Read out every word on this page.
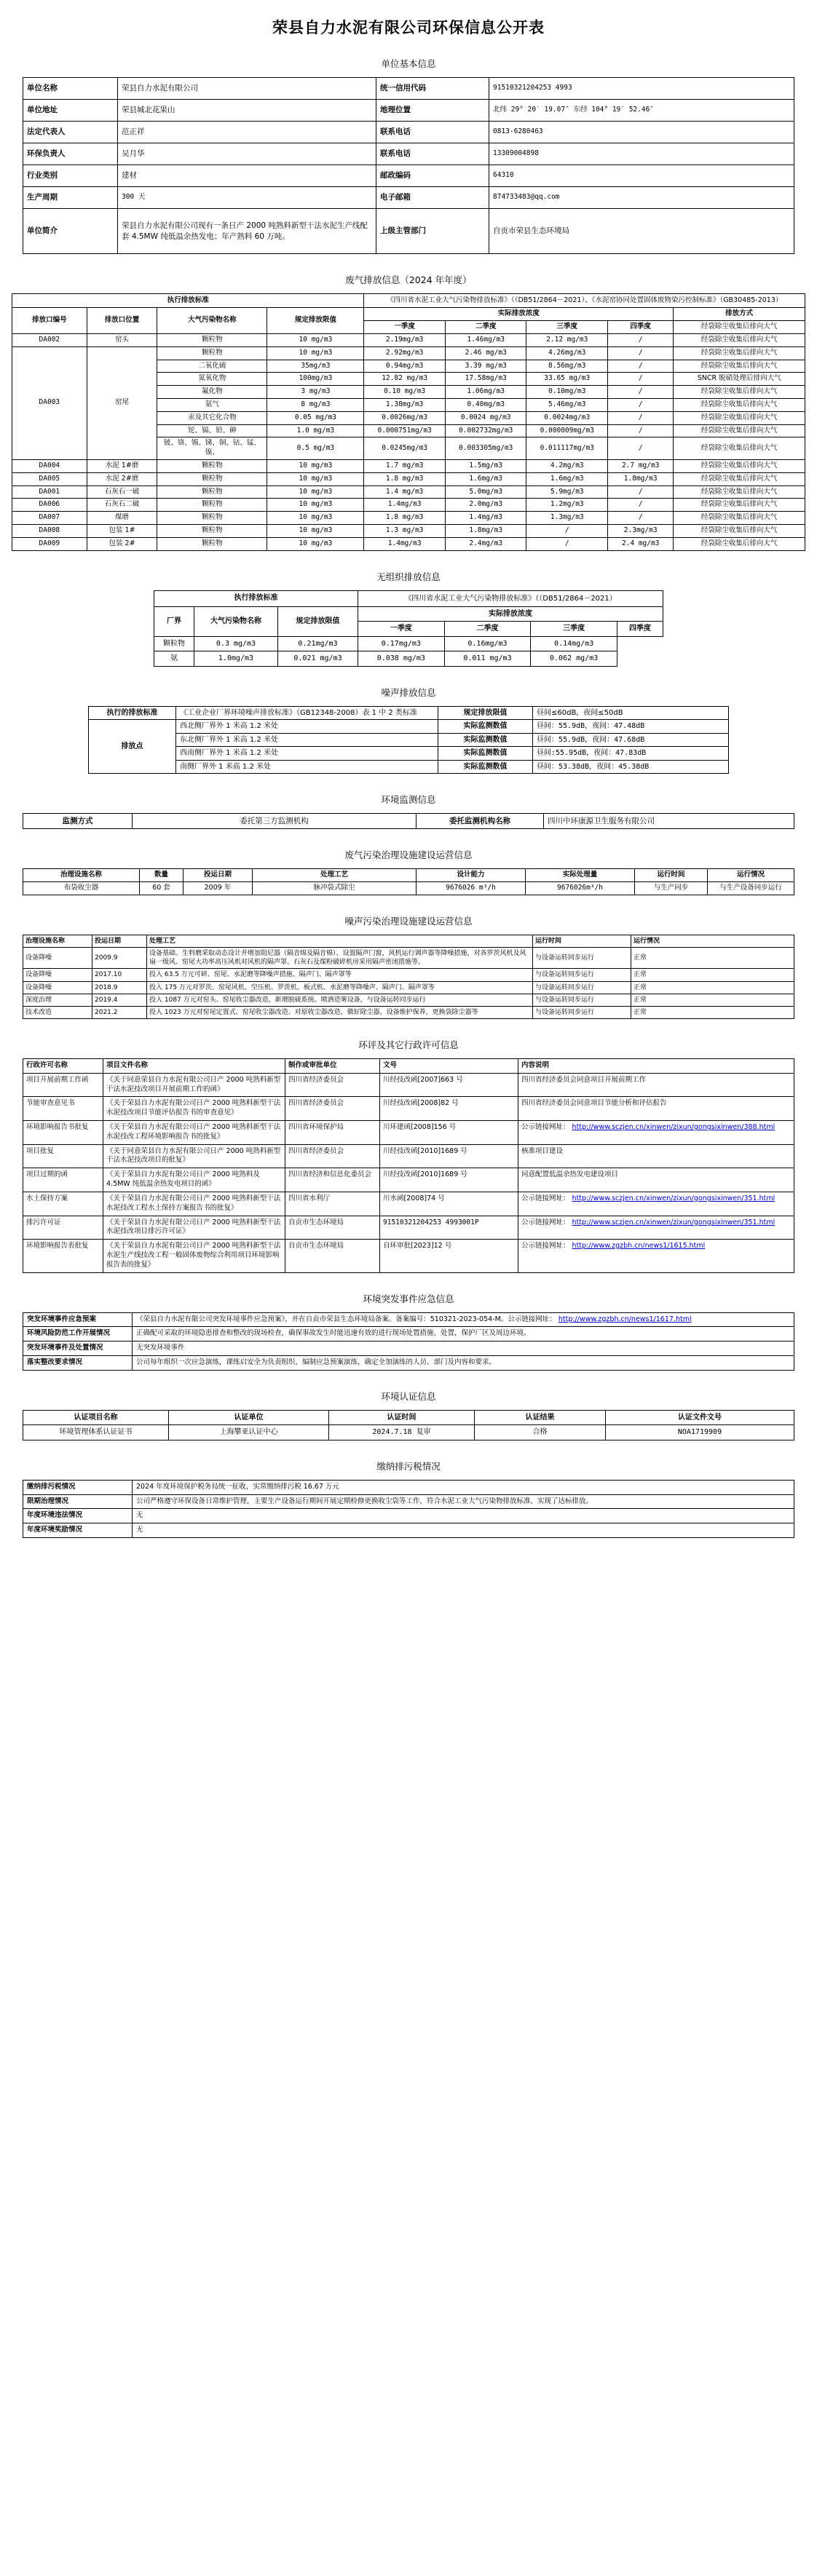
荣县自力水泥有限公司环保信息公开表
单位基本信息
单位名称	荣县自力水泥有限公司	统一信用代码	91510321204253 4993
单位地址	荣县城北花果山	地理位置	北纬 29° 20′ 19.07″ 东经 104° 19′ 52.46″
法定代表人	范正祥	联系电话	0813-6280463
环保负责人	吴月华	联系电话	13309004898
行业类别	建材	邮政编码	64310
生产周期	300 天	电子邮箱	874733483@qq.com
单位简介	荣县自力水泥有限公司现有一条日产 2000 吨熟料新型干法水泥生产线配套 4.5MW 纯低温余热发电；年产熟料 60 万吨。	上级主管部门	自贡市荣县生态环境局
废气排放信息（2024 年年度）
执行排放标准				《四川省水泥工业大气污染物排放标准》（（DB51/2864－2021）、《水泥窑协同处置固体废物染污控制标准》（GB30485-2013）				
排放口编号	排放口位置	大气污染物名称	规定排放限值	实际排放浓度				排放方式
				一季度	二季度	三季度	四季度	经袋除尘收集后排向大气
DA002	窑头	颗粒物	10 mg/m3	2.19mg/m3	1.46mg/m3	2.12 mg/m3	/	经袋除尘收集后排向大气
DA003	窑尾	颗粒物	10 mg/m3	2.92mg/m3	2.46 mg/m3	4.26mg/m3	/	经袋除尘收集后排向大气
		二氧化硫	35mg/m3	0.94mg/m3	3.39 mg/m3	8.56mg/m3	/	经袋除尘收集后排向大气
		氮氧化物	100mg/m3	12.82 mg/m3	17.58mg/m3	33.65 mg/m3	/	SNCR 脱硝处理后排向大气
		氟化物	3 mg/m3	0.10 mg/m3	1.06mg/m3	0.10mg/m3	/	经袋除尘收集后排向大气
		氨气	8 mg/m3	1.38mg/m3	0.40mg/m3	5.46mg/m3	/	经袋除尘收集后排向大气
		汞及其它化合物	0.05 mg/m3	0.0026mg/m3	0.0024 mg/m3	0.0024mg/m3	/	经袋除尘收集后排向大气
		铊、镉、铅、砷	1.0 mg/m3	0.000751mg/m3	0.002732mg/m3	0.000009mg/m3	/	经袋除尘收集后排向大气
		铍、铬、锡、锑、铜、钴、锰、镍、	0.5 mg/m3	0.0245mg/m3	0.003305mg/m3	0.011117mg/m3	/	经袋除尘收集后排向大气
DA004	水泥 1#磨	颗粒物	10 mg/m3	1.7 mg/m3	1.5mg/m3	4.2mg/m3	2.7 mg/m3	经袋除尘收集后排向大气
DA005	水泥 2#磨	颗粒物	10 mg/m3	1.8 mg/m3	1.6mg/m3	1.6mg/m3	1.8mg/m3	经袋除尘收集后排向大气
DA001	石灰石一破	颗粒物	10 mg/m3	1.4 mg/m3	5.0mg/m3	5.9mg/m3	/	经袋除尘收集后排向大气
DA006	石灰石二破	颗粒物	10 mg/m3	1.4mg/m3	2.0mg/m3	1.2mg/m3	/	经袋除尘收集后排向大气
DA007	煤磨	颗粒物	10 mg/m3	1.8 mg/m3	1.4mg/m3	1.3mg/m3	/	经袋除尘收集后排向大气
DA008	包装 1#	颗粒物	10 mg/m3	1.3 mg/m3	1.8mg/m3	/	2.3mg/m3	经袋除尘收集后排向大气
DA009	包装 2#	颗粒物	10 mg/m3	1.4mg/m3	2.4mg/m3	/	2.4 mg/m3	经袋除尘收集后排向大气
无组织排放信息
执行排放标准			《四川省水泥工业大气污染物排放标准》（（DB51/2864－2021）			
厂界	大气污染物名称	规定排放限值	实际排放浓度			
			一季度	二季度	三季度	四季度
颗粒物	0.3 mg/m3	0.21mg/m3	0.17mg/m3	0.16mg/m3	0.14mg/m3	
氨	1.0mg/m3	0.021 mg/m3	0.038 mg/m3	0.011 mg/m3	0.062 mg/m3	
噪声排放信息
执行的排放标准	《工业企业厂界环境噪声排放标准》（GB12348-2008）表 1 中 2 类标准	规定排放限值	昼间≤60dB，夜间≤50dB
排放点	西北侧厂界外 1 米高 1.2 米处	实际监测数值	昼间：55.9dB，夜间：47.48dB
	东北侧厂界外 1 米高 1.2 米处	实际监测数值	昼间：55.9dB，夜间：47.68dB
	西南侧厂界外 1 米高 1.2 米处	实际监测数值	昼间:55.95dB，夜间：47.83dB
	南侧厂界外 1 米高 1.2 米处	实际监测数值	昼间：53.38dB，夜间：45.38dB
环境监测信息
监测方式	委托第三方监测机构	委托监测机构名称	四川中环康源卫生服务有限公司
废气污染治理设施建设运营信息
治理设施名称	数量	投运日期	处理工艺	设计能力	实际处理量	运行时间	运行情况
布袋收尘器	60 套	2009 年	脉冲袋式除尘	9676026 m³/h	9676026m³/h	与生产同步	与生产设备同步运行
噪声污染治理设施建设运营信息
治理设施名称	投运日期	处理工艺	运行时间	运行情况
设备降噪	2009.9	设备基础、生料磨采取动态设计并增加阻尼器（隔音绵及隔音棉）、设置隔声门窗，风机运行调声器等降噪措施，对各罗茨风机及风扇一级风、窑尾大功率高压风机对风机的隔声罩、石灰石及煤粉破碎机房采用隔声密闭措施等。	与设备运转同步运行	正常
设备降噪	2017.10	投入 63.5 万元可研、窑尾、水泥磨等降噪声措施、隔声门、隔声罩等	与设备运转同步运行	正常
设备降噪	2018.9	投入 175 万元对罗茨、窑尾风机、空压机、罗茨机、板式机、水泥磨等降噪声、隔声门、隔声罩等	与设备运转同步运行	正常
深度治理	2019.4	投入 1087 万元对窑头、窑尾收尘器改造，新增脱硫系统、喷洒造雾设备，与设备运转同步运行	与设备运转同步运行	正常
技术改造	2021.2	投入 1023 万元对窑尾定置式、窑尾收尘器改造、对原收尘器改造，做好除尘器，设备维护保养，更换袋除尘器等	与设备运转同步运行	正常
环评及其它行政许可信息
行政许可名称	项目文件名称	制作或审批单位	文号	内容说明
项目开展前期工作函	《关于同意荣县自力水泥有限公司日产 2000 吨熟料新型干法水泥技改项目开展前期工作的函》	四川省经济委员会	川经技改函[2007]663 号	四川省经济委员会同意项目开展前期工作
节能审查意见书	《关于荣县自力水泥有限公司日产 2000 吨熟料新型干法水泥技改项目节能评估报告书的审查意见》	四川省经济委员会	川经技改函[2008]82 号	四川省经济委员会同意项目节能分析和评估报告
环境影响报告书批复	《关于荣县自力水泥有限公司日产 2000 吨熟料新型干法水泥技改工程环境影响报告书的批复》	四川省环境保护局	川环建函[2008]156 号	公示链接网址： http://www.sczjen.cn/xinwen/zixun/gongsixinwen/388.html
项目批复	《关于同意荣县自力水泥有限公司日产 2000 吨熟料新型干法水泥技改项目的批复》	四川省经济委员会	川经技改函[2010]1689 号	核准项目建设
项目过期的函	《关于荣县自力水泥有限公司日产 2000 吨熟料及 4.5MW 纯低温余热发电项目的函》	四川省经济和信息化委员会	川经技改函[2010]1689 号	同意配置低温余热发电建设项目
水土保持方案	《关于荣县自力水泥有限公司日产 2000 吨熟料新型干法水泥技改工程水土保持方案报告书的批复》	四川省水利厅	川水函[2008]74 号	公示链接网址： http://www.sczjen.cn/xinwen/zixun/gongsixinwen/351.html
排污许可证	《关于荣县自力水泥有限公司日产 2000 吨熟料新型干法水泥技改项目排污许可证》	自贡市生态环境局	91510321204253 4993001P	公示链接网址： http://www.sczjen.cn/xinwen/zixun/gongsixinwen/351.html
环境影响报告表批复	《关于荣县自力水泥有限公司日产 2000 吨熟料新型干法水泥生产线技改工程一般固体废物综合利用项目环境影响报告表的批复》	自贡市生态环境局	自环审批[2023]12 号	公示链接网址： http://www.zgzbh.cn/news1/1615.html
环境突发事件应急信息
突发环境事件应急预案	《荣县自力水泥有限公司突发环境事件应急预案》，并在自贡市荣县生态环境局备案。备案编号：510321-2023-054-M。公示链接网址： http://www.zgzbh.cn/news1/1617.html
环境风险防范工作开展情况	正确配可采取的环境隐患排查和整改的现场检查，确保事故发生时能迅速有效的进行现场处置措施、处置，保护厂区及周边环境。
突发环境事件及处置情况	无突发环境事件
落实整改要求情况	公司每年组织一次应急演练，课练启安全为负责组织、编制应急预案演练，确定全加演练的人员、部门及内容和要求。
环境认证信息
认证项目名称	认证单位	认证时间	认证结果	认证文件文号
环境管理体系认证证书	上海攀亚认证中心	2024.7.18 复审	合格	NOA1719909
缴纳排污税情况
缴纳排污税情况	2024 年度环境保护税务局统一征收，实常缴纳排污税 16.67 万元
限期治理情况	公司严格遵守环保设备日常维护管理，主要生产设备运行期间开展定期检修更换收尘袋等工作，符合水泥工业大气污染物排放标准，实现了达标排放。
年度环境违法情况	无
年度环境奖励情况	无
